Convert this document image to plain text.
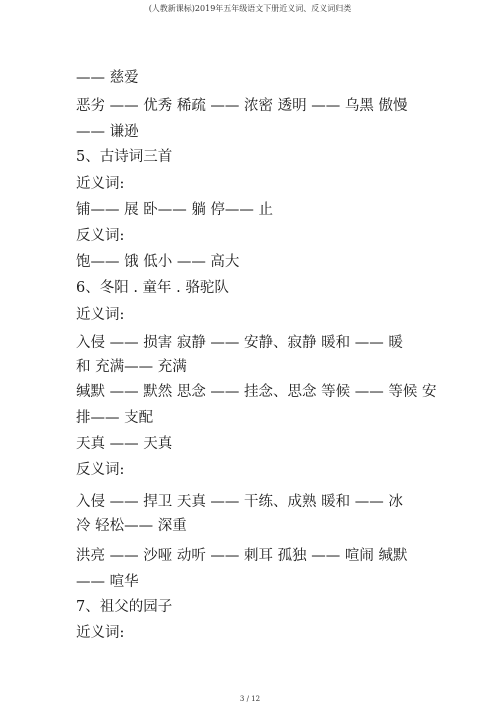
(人教新课标)2019年五年级语文下册近义词、反义词归类
—— 慈爱
恶劣 —— 优秀 稀疏 —— 浓密 透明 —— 乌黑 傲慢
—— 谦逊
5、古诗词三首
近义词:
铺—— 展 卧—— 躺 停—— 止
反义词:
饱—— 饿 低小 —— 高大
6、冬阳 . 童年 . 骆驼队
近义词:
入侵 —— 损害 寂静 —— 安静、寂静 暖和 —— 暖
和 充满—— 充满
缄默 —— 默然 思念 —— 挂念、思念 等候 —— 等候 安
排—— 支配
天真 —— 天真
反义词:
入侵 —— 捍卫 天真 —— 干练、成熟 暖和 —— 冰
冷 轻松—— 深重
洪亮 —— 沙哑 动听 —— 刺耳 孤独 —— 喧闹 缄默
—— 喧华
7、祖父的园子
近义词:
3 / 12
